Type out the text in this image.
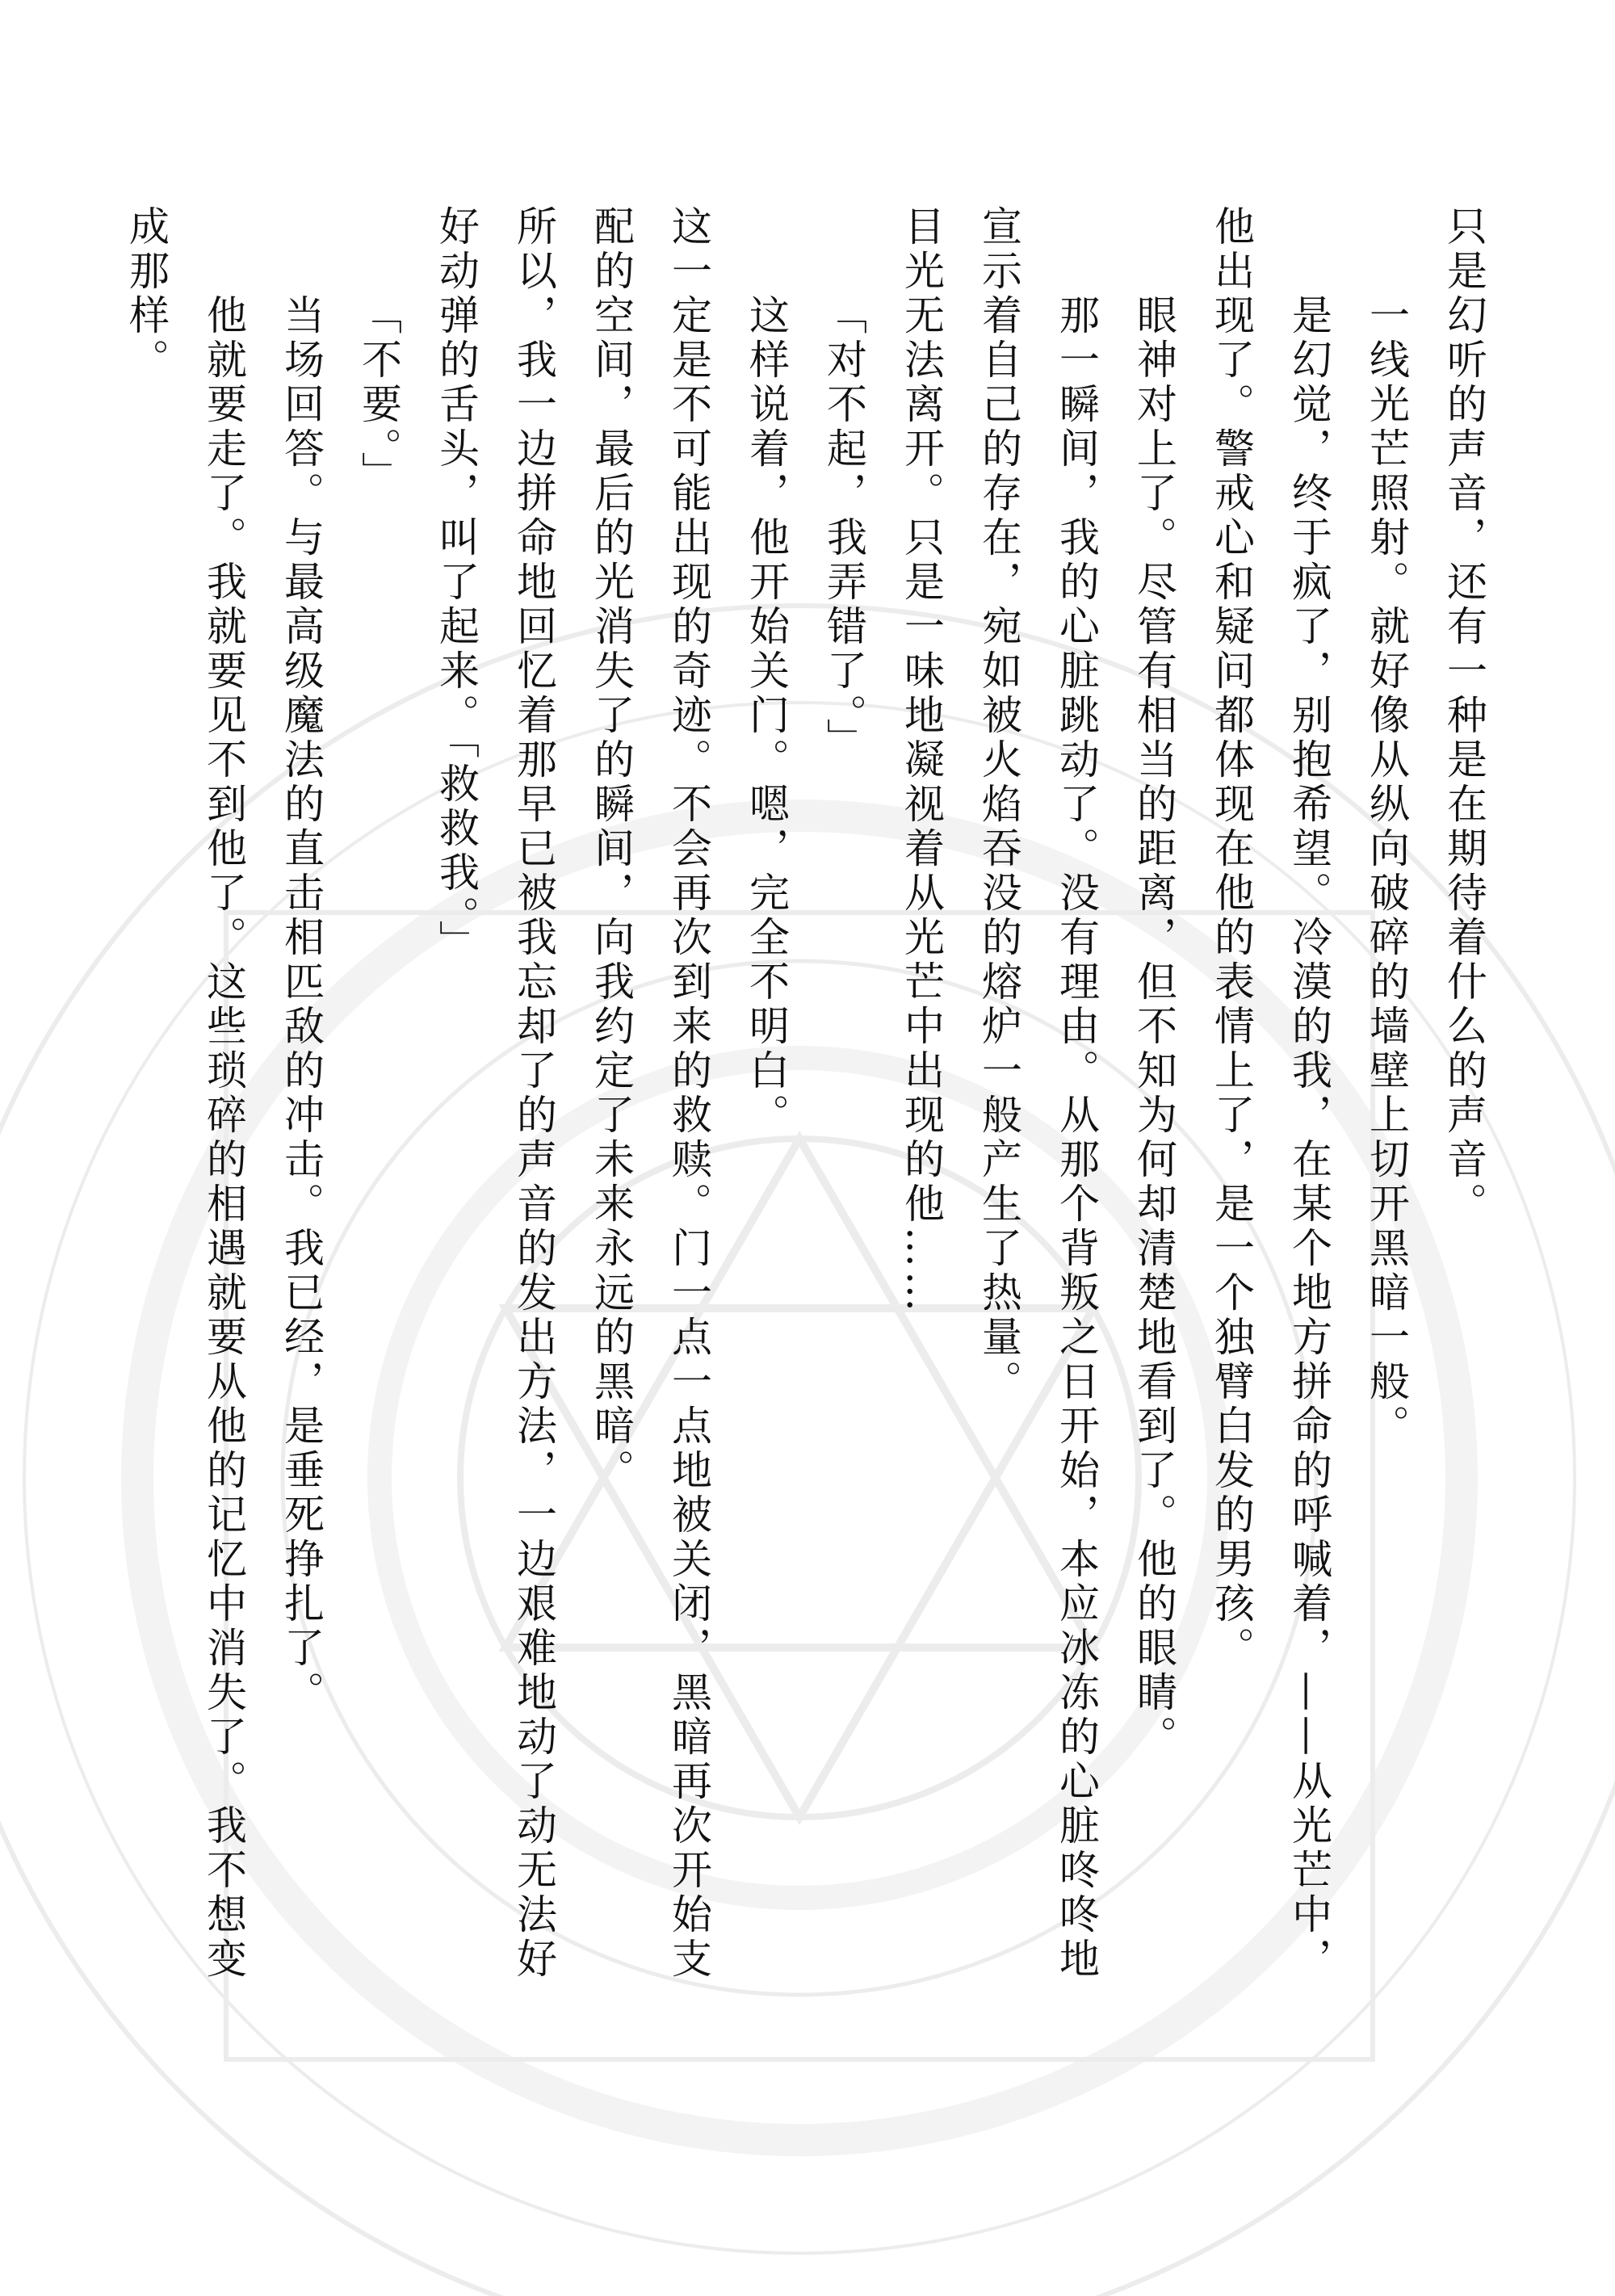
只是幻听的声音，还有一种是在期待着什么的声音。
一线光芒照射。就好像从纵向破碎的墙壁上切开黑暗一般。
是幻觉，终于疯了，别抱希望。冷漠的我，在某个地方拼命的呼喊着，——从光芒中，
他出现了。警戒心和疑问都体现在他的表情上了，是一个独臂白发的男孩。
眼神对上了。尽管有相当的距离，但不知为何却清楚地看到了。他的眼睛。
那一瞬间，我的心脏跳动了。没有理由。从那个背叛之日开始，本应冰冻的心脏咚咚地
宣示着自己的存在，宛如被火焰吞没的熔炉一般产生了热量。
目光无法离开。只是一味地凝视着从光芒中出现的他……
「对不起，我弄错了。」
这样说着，他开始关门。嗯，完全不明白。
这一定是不可能出现的奇迹。不会再次到来的救赎。门一点一点地被关闭，黑暗再次开始支
配的空间，最后的光消失了的瞬间，向我约定了未来永远的黑暗。
所以，我一边拼命地回忆着那早已被我忘却了的声音的发出方法，一边艰难地动了动无法好
好动弹的舌头，叫了起来。「救救我。」
「不要。」
当场回答。与最高级魔法的直击相匹敌的冲击。我已经，是垂死挣扎了。
他就要走了。我就要见不到他了。这些琐碎的相遇就要从他的记忆中消失了。我不想变
成那样。
